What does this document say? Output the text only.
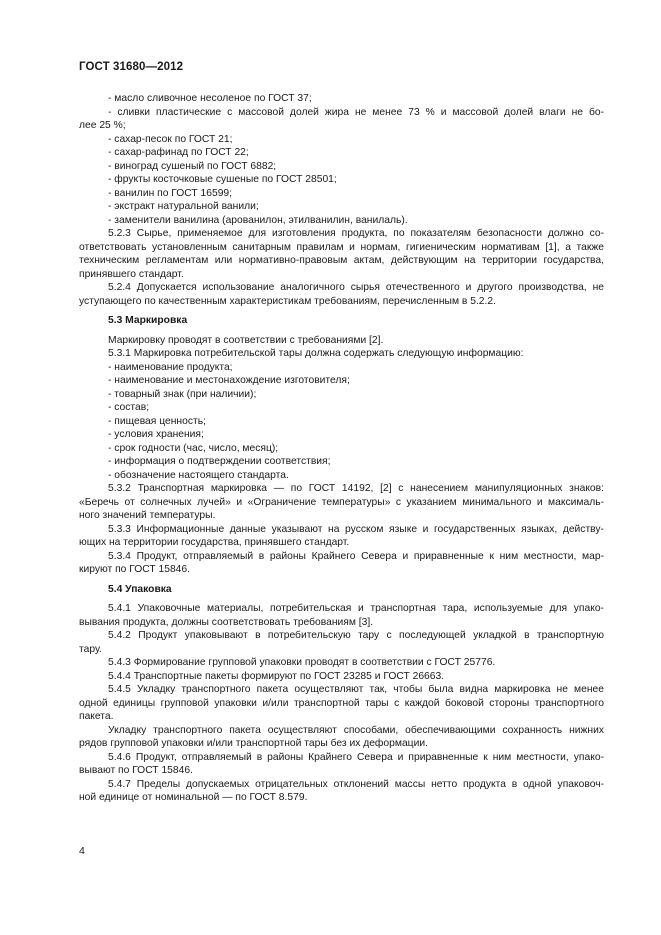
ГОСТ 31680—2012
- масло сливочное несоленое по ГОСТ 37;
- сливки пластические с массовой долей жира не менее 73 % и массовой долей влаги не бо-
лее 25 %;
- сахар-песок по ГОСТ 21;
- сахар-рафинад по ГОСТ 22;
- виноград сушеный по ГОСТ 6882;
- фрукты косточковые сушеные по ГОСТ 28501;
- ванилин по ГОСТ 16599;
- экстракт натуральной ванили;
- заменители ванилина (арованилон, этилванилин, ванилаль).
5.2.3 Сырье, применяемое для изготовления продукта, по показателям безопасности должно со-
ответствовать установленным санитарным правилам и нормам, гигиеническим нормативам [1], а также
техническим регламентам или нормативно-правовым актам, действующим на территории государства,
принявшего стандарт.
5.2.4 Допускается использование аналогичного сырья отечественного и другого производства, не
уступающего по качественным характеристикам требованиям, перечисленным в 5.2.2.
5.3 Маркировка
Маркировку проводят в соответствии с требованиями [2].
5.3.1 Маркировка потребительской тары должна содержать следующую информацию:
- наименование продукта;
- наименование и местонахождение изготовителя;
- товарный знак (при наличии);
- состав;
- пищевая ценность;
- условия хранения;
- срок годности (час, число, месяц);
- информация о подтверждении соответствия;
- обозначение настоящего стандарта.
5.3.2 Транспортная маркировка — по ГОСТ 14192, [2] с нанесением манипуляционных знаков:
«Беречь от солнечных лучей» и «Ограничение температуры» с указанием минимального и максималь-
ного значений температуры.
5.3.3 Информационные данные указывают на русском языке и государственных языках, действу-
ющих на территории государства, принявшего стандарт.
5.3.4 Продукт, отправляемый в районы Крайнего Севера и приравненные к ним местности, мар-
кируют по ГОСТ 15846.
5.4 Упаковка
5.4.1 Упаковочные материалы, потребительская и транспортная тара, используемые для упако-
вывания продукта, должны соответствовать требованиям [3].
5.4.2 Продукт упаковывают в потребительскую тару с последующей укладкой в транспортную
тару.
5.4.3 Формирование групповой упаковки проводят в соответствии с ГОСТ 25776.
5.4.4 Транспортные пакеты формируют по ГОСТ 23285 и ГОСТ 26663.
5.4.5 Укладку транспортного пакета осуществляют так, чтобы была видна маркировка не менее
одной единицы групповой упаковки и/или транспортной тары с каждой боковой стороны транспортного
пакета.
Укладку транспортного пакета осуществляют способами, обеспечивающими сохранность нижних
рядов групповой упаковки и/или транспортной тары без их деформации.
5.4.6 Продукт, отправляемый в районы Крайнего Севера и приравненные к ним местности, упако-
вывают по ГОСТ 15846.
5.4.7 Пределы допускаемых отрицательных отклонений массы нетто продукта в одной упаковоч-
ной единице от номинальной — по ГОСТ 8.579.
4
